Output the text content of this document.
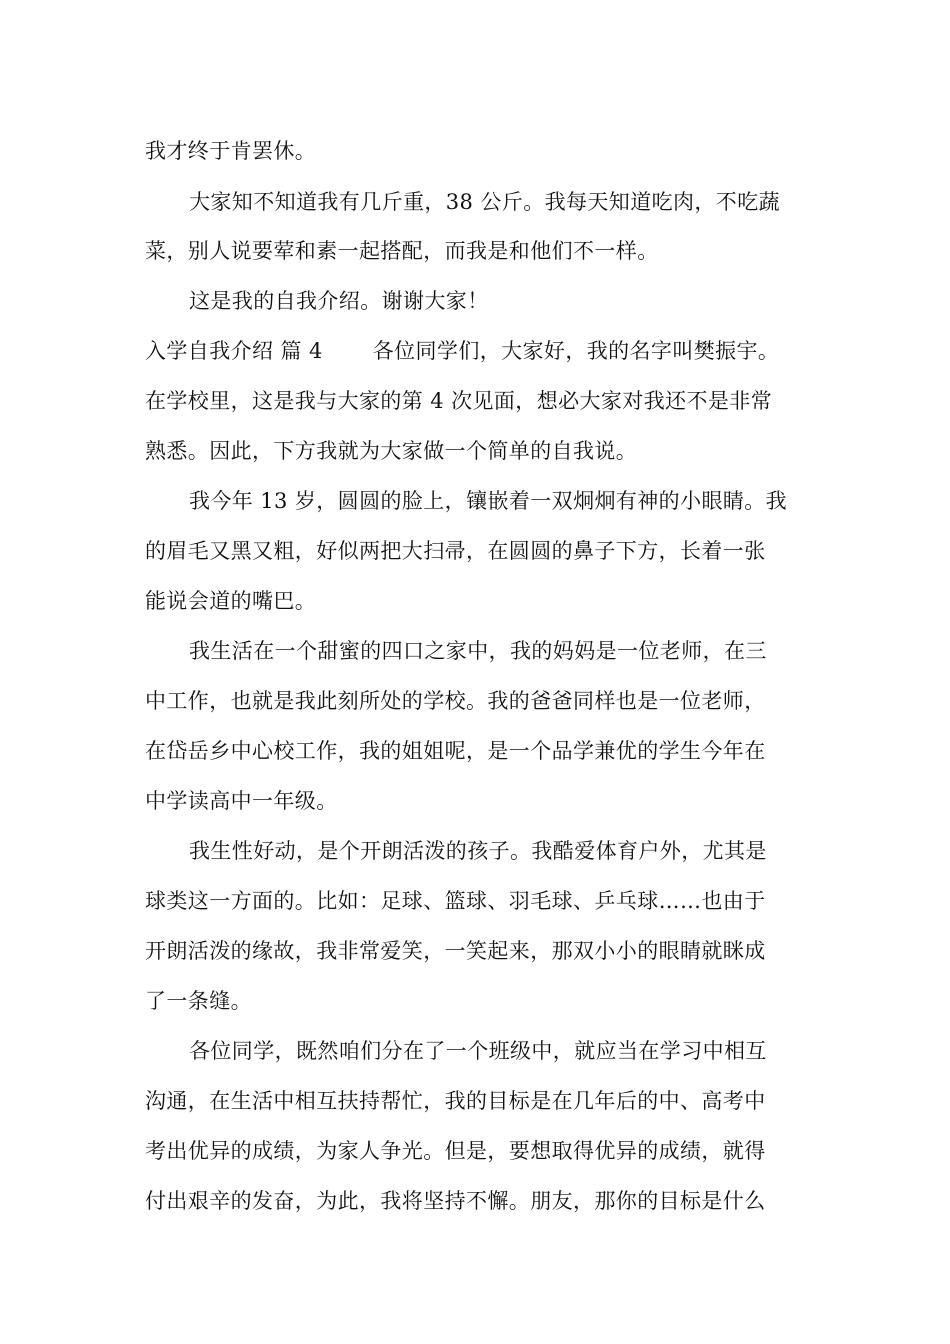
我才终于肯罢休。
大家知不知道我有几斤重，38 公斤。我每天知道吃肉，不吃蔬
菜，别人说要荤和素一起搭配，而我是和他们不一样。
这是我的自我介绍。谢谢大家！
入学自我介绍 篇 4 各位同学们，大家好，我的名字叫樊振宇。
在学校里，这是我与大家的第 4 次见面，想必大家对我还不是非常
熟悉。因此，下方我就为大家做一个简单的自我说。
我今年 13 岁，圆圆的脸上，镶嵌着一双炯炯有神的小眼睛。我
的眉毛又黑又粗，好似两把大扫帚，在圆圆的鼻子下方，长着一张
能说会道的嘴巴。
我生活在一个甜蜜的四口之家中，我的妈妈是一位老师，在三
中工作，也就是我此刻所处的学校。我的爸爸同样也是一位老师，
在岱岳乡中心校工作，我的姐姐呢，是一个品学兼优的学生今年在
中学读高中一年级。
我生性好动，是个开朗活泼的孩子。我酷爱体育户外，尤其是
球类这一方面的。比如：足球、篮球、羽毛球、乒乓球……也由于
开朗活泼的缘故，我非常爱笑，一笑起来，那双小小的眼睛就眯成
了一条缝。
各位同学，既然咱们分在了一个班级中，就应当在学习中相互
沟通，在生活中相互扶持帮忙，我的目标是在几年后的中、高考中
考出优异的成绩，为家人争光。但是，要想取得优异的成绩，就得
付出艰辛的发奋，为此，我将坚持不懈。朋友，那你的目标是什么
